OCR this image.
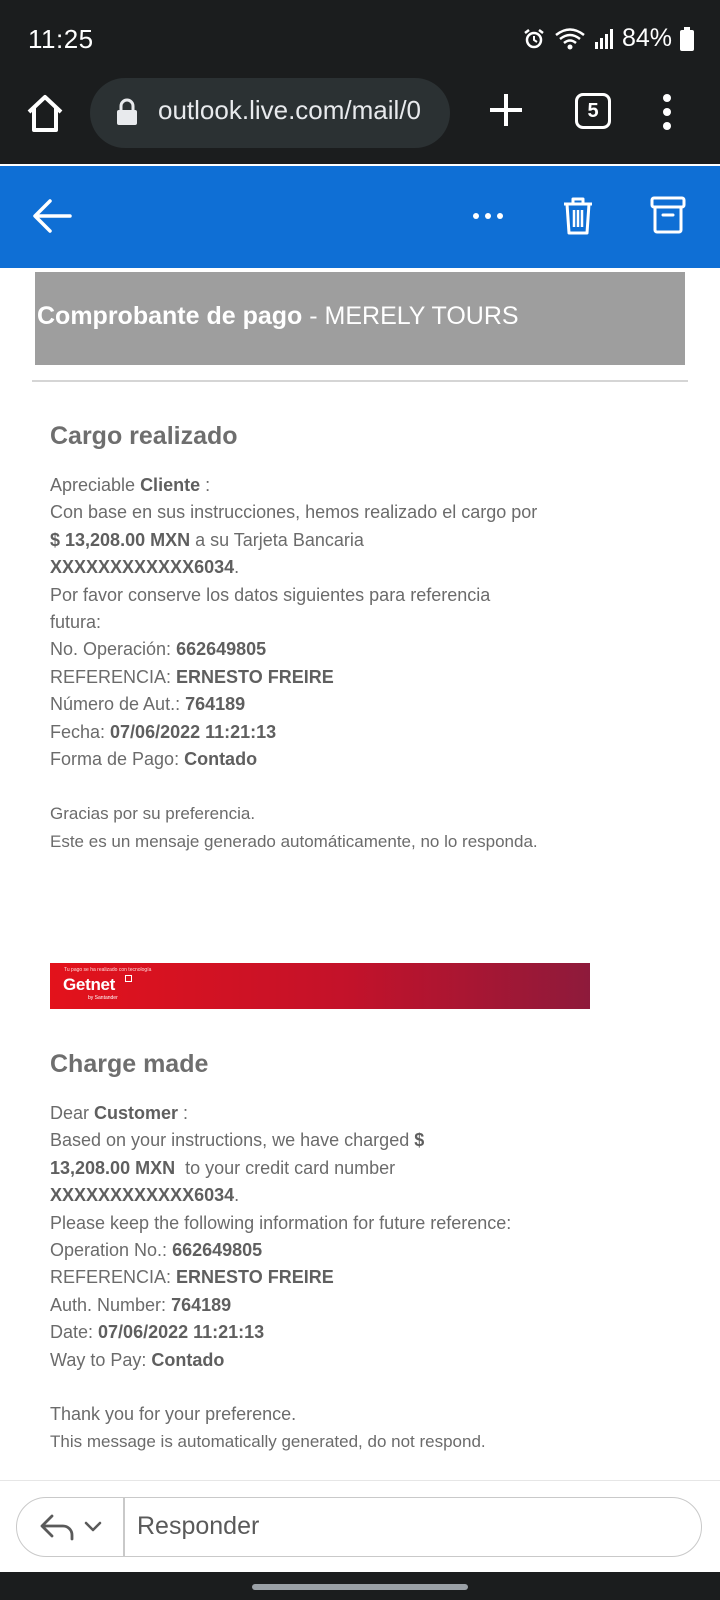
11:25	84%
outlook.live.com/mail/0	5
Comprobante de pago - MERELY TOURS
Cargo realizado
Apreciable Cliente :
Con base en sus instrucciones, hemos realizado el cargo por
$ 13,208.00 MXN a su Tarjeta Bancaria
XXXXXXXXXXXX6034.
Por favor conserve los datos siguientes para referencia
futura:
No. Operación: 662649805
REFERENCIA: ERNESTO FREIRE
Número de Aut.: 764189
Fecha: 07/06/2022 11:21:13
Forma de Pago: Contado
Gracias por su preferencia.
Este es un mensaje generado automáticamente, no lo responda.
Tu pago se ha realizado con tecnología
Getnet
by Santander
Charge made
Dear Customer :
Based on your instructions, we have charged $
13,208.00 MXN  to your credit card number
XXXXXXXXXXXX6034.
Please keep the following information for future reference:
Operation No.: 662649805
REFERENCIA: ERNESTO FREIRE
Auth. Number: 764189
Date: 07/06/2022 11:21:13
Way to Pay: Contado
Thank you for your preference.
This message is automatically generated, do not respond.
Responder
